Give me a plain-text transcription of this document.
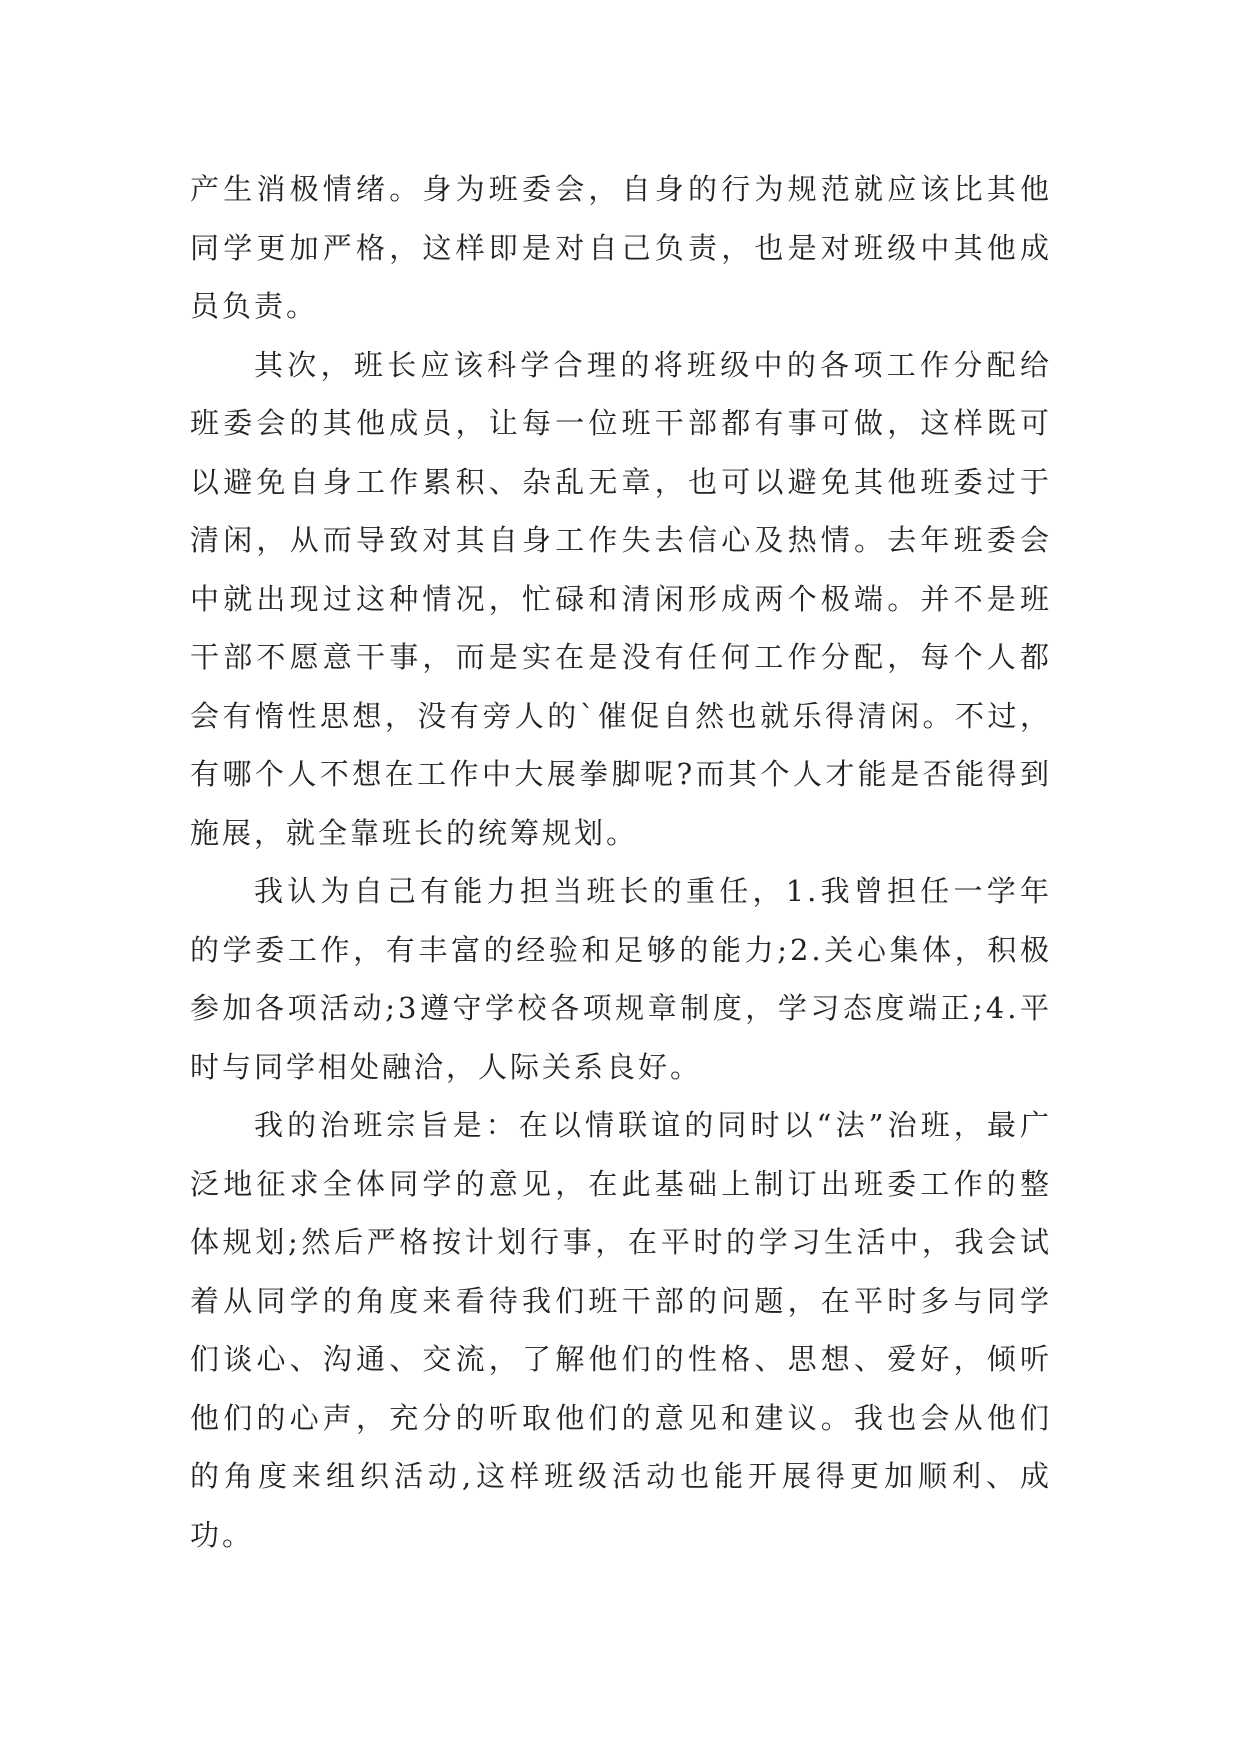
产生消极情绪。身为班委会，自身的行为规范就应该比其他同学更加严格，这样即是对自己负责，也是对班级中其他成员负责。

其次，班长应该科学合理的将班级中的各项工作分配给班委会的其他成员，让每一位班干部都有事可做，这样既可以避免自身工作累积、杂乱无章，也可以避免其他班委过于清闲，从而导致对其自身工作失去信心及热情。去年班委会中就出现过这种情况，忙碌和清闲形成两个极端。并不是班干部不愿意干事，而是实在是没有任何工作分配，每个人都会有惰性思想，没有旁人的`催促自然也就乐得清闲。不过，有哪个人不想在工作中大展拳脚呢?而其个人才能是否能得到施展，就全靠班长的统筹规划。

我认为自己有能力担当班长的重任，1.我曾担任一学年的学委工作，有丰富的经验和足够的能力;2.关心集体，积极参加各项活动;3遵守学校各项规章制度，学习态度端正;4.平时与同学相处融洽，人际关系良好。

我的治班宗旨是：在以情联谊的同时以“法”治班，最广泛地征求全体同学的意见，在此基础上制订出班委工作的整体规划;然后严格按计划行事，在平时的学习生活中，我会试着从同学的角度来看待我们班干部的问题，在平时多与同学们谈心、沟通、交流，了解他们的性格、思想、爱好，倾听他们的心声，充分的听取他们的意见和建议。我也会从他们的角度来组织活动,这样班级活动也能开展得更加顺利、成功。
